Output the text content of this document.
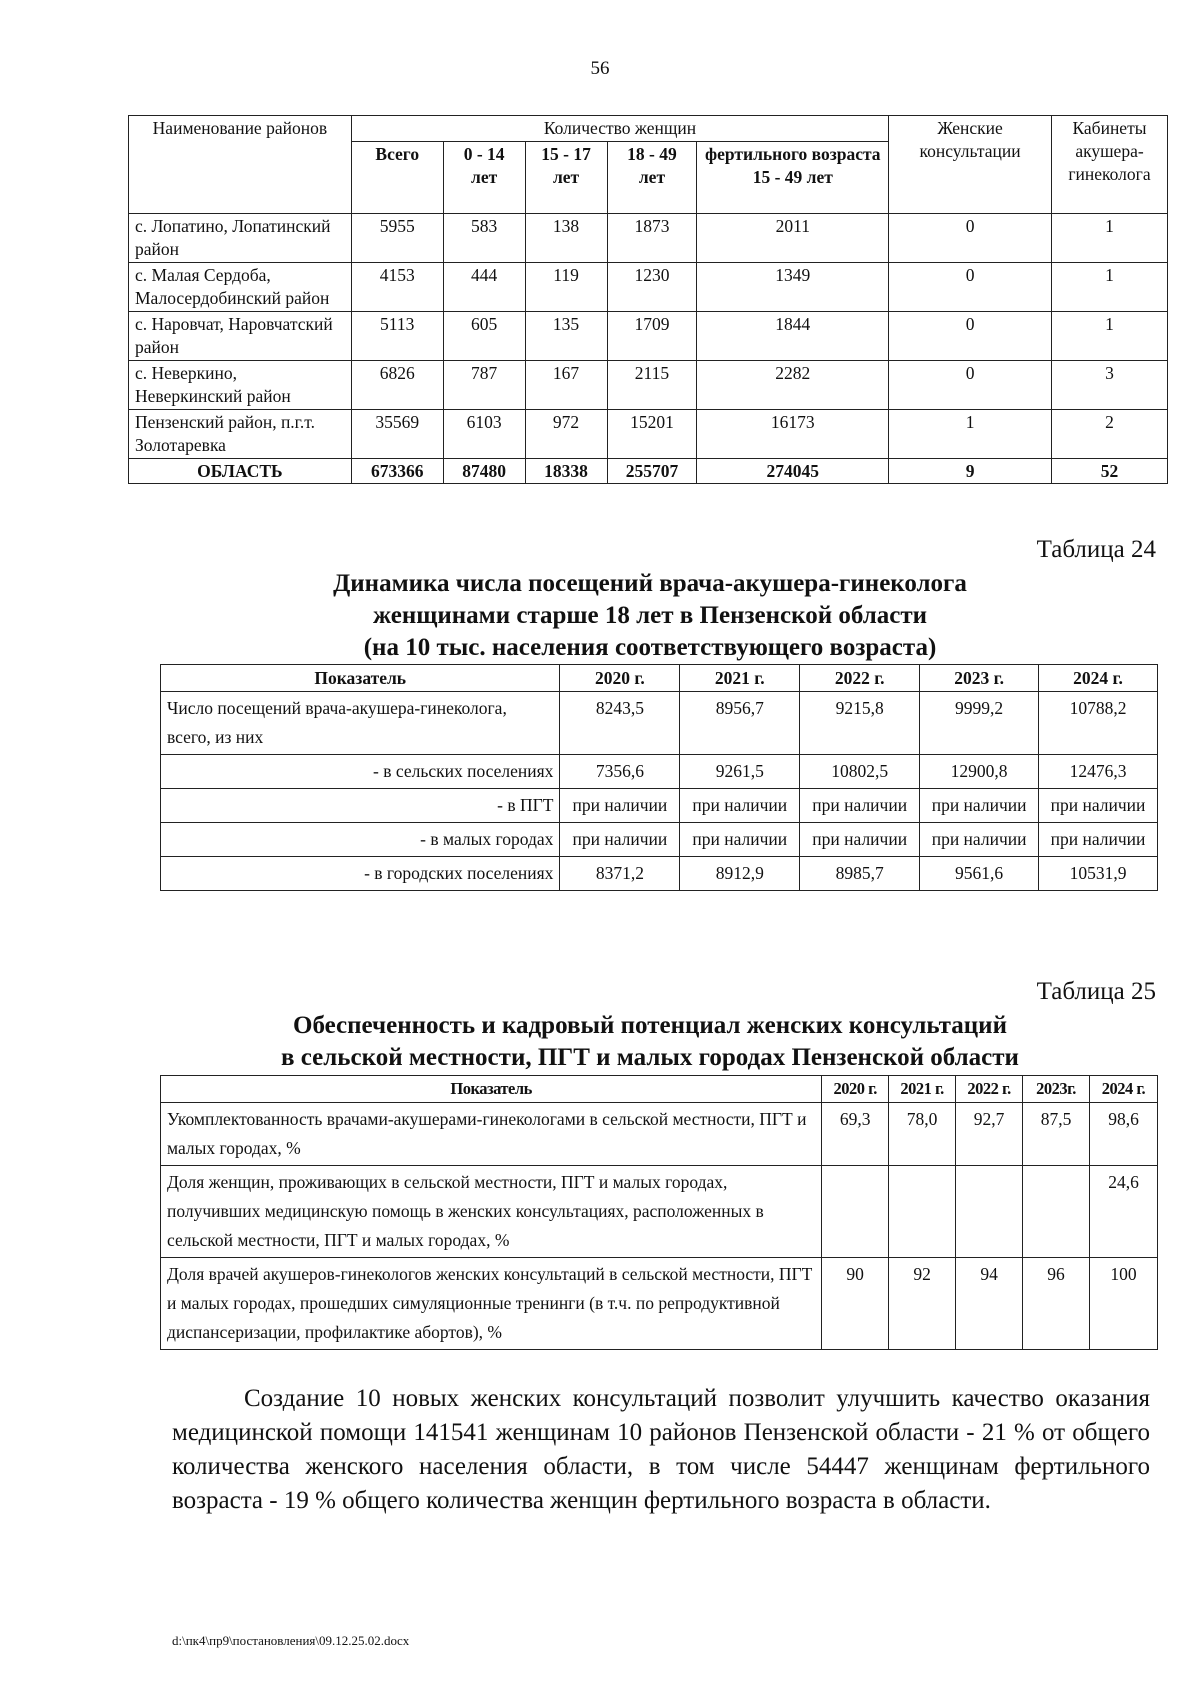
56
Наименование районов	Количество женщин					Женские консультации	Кабинеты акушера-гинеколога
	Всего	0 - 14 лет	15 - 17 лет	18 - 49 лет	фертильного возраста 15 - 49 лет		
с. Лопатино, Лопатинский район	5955	583	138	1873	2011	0	1
с. Малая Сердоба, Малосердобинский район	4153	444	119	1230	1349	0	1
с. Наровчат, Наровчатский район	5113	605	135	1709	1844	0	1
с. Неверкино, Неверкинский район	6826	787	167	2115	2282	0	3
Пензенский район, п.г.т. Золотаревка	35569	6103	972	15201	16173	1	2
ОБЛАСТЬ	673366	87480	18338	255707	274045	9	52
Таблица 24
Динамика числа посещений врача-акушера-гинеколога
женщинами старше 18 лет в Пензенской области
(на 10 тыс. населения соответствующего возраста)
Показатель	2020 г.	2021 г.	2022 г.	2023 г.	2024 г.
Число посещений врача-акушера-гинеколога, всего, из них	8243,5	8956,7	9215,8	9999,2	10788,2
- в сельских поселениях	7356,6	9261,5	10802,5	12900,8	12476,3
- в ПГТ	при наличии	при наличии	при наличии	при наличии	при наличии
- в малых городах	при наличии	при наличии	при наличии	при наличии	при наличии
- в городских поселениях	8371,2	8912,9	8985,7	9561,6	10531,9
Таблица 25
Обеспеченность и кадровый потенциал женских консультаций
в сельской местности, ПГТ и малых городах Пензенской области
Показатель	2020 г.	2021 г.	2022 г.	2023г.	2024 г.
Укомплектованность врачами-акушерами-гинекологами в сельской местности, ПГТ и малых городах, %	69,3	78,0	92,7	87,5	98,6
Доля женщин, проживающих в сельской местности, ПГТ и малых городах, получивших медицинскую помощь в женских консультациях, расположенных в сельской местности, ПГТ и малых городах, %					24,6
Доля врачей акушеров-гинекологов женских консультаций в сельской местности, ПГТ и малых городах, прошедших симуляционные тренинги (в т.ч. по репродуктивной диспансеризации, профилактике абортов), %	90	92	94	96	100
Создание 10 новых женских консультаций позволит улучшить качество оказания медицинской помощи 141541 женщинам 10 районов Пензенской области - 21 % от общего количества женского населения области, в том числе 54447 женщинам фертильного возраста - 19 % общего количества женщин фертильного возраста в области.
d:\пк4\пр9\постановления\09.12.25.02.docx
